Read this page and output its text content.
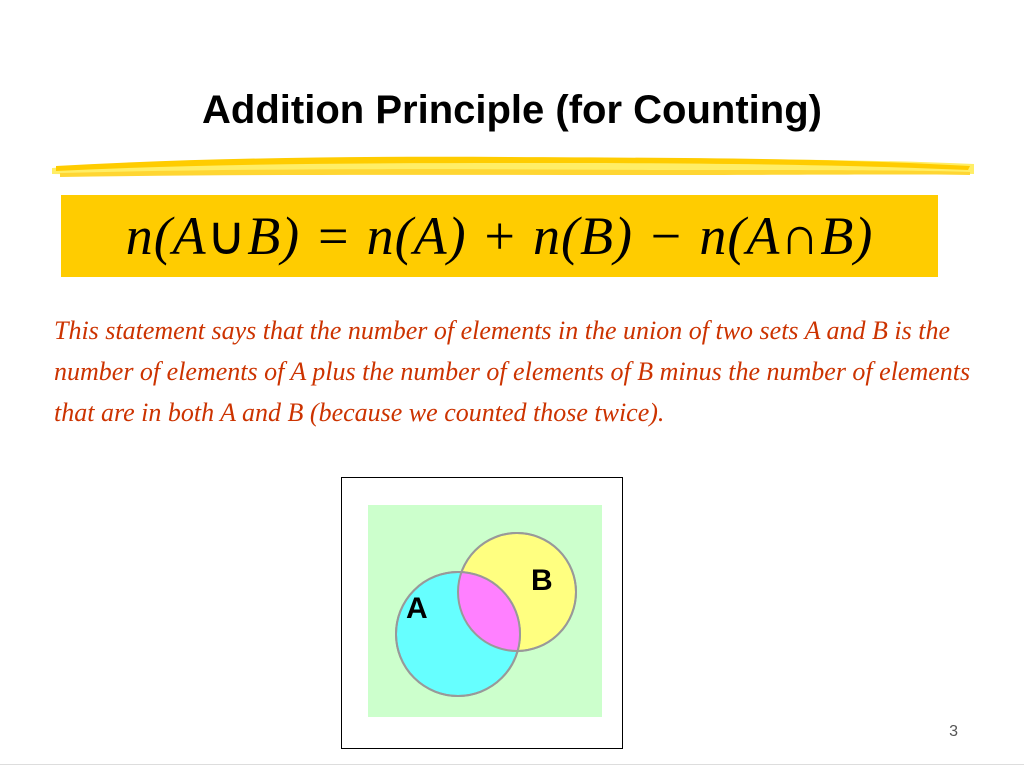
Addition Principle (for Counting)
n(A∪B) = n(A) + n(B) − n(A∩B)
This statement says that the number of elements in the union of two sets A and B is the number of elements of A plus the number of elements of B minus the number of elements that are in both A and B (because we counted those twice).
A
B
3
